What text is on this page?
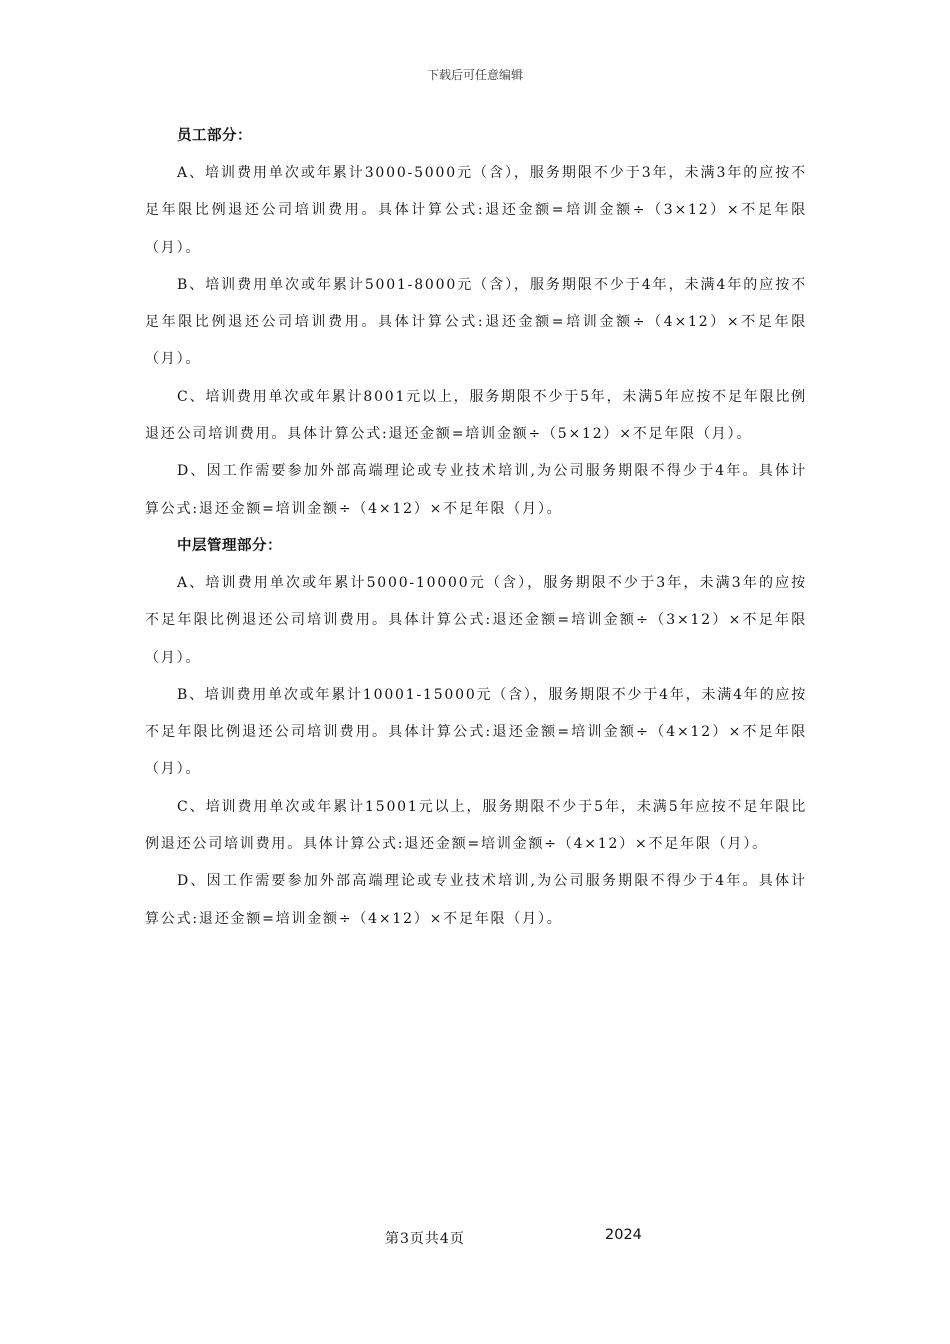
下载后可任意编辑
员工部分：

A、培训费用单次或年累计3000-5000元（含），服务期限不少于3年，未满3年的应按不足年限比例退还公司培训费用。具体计算公式:退还金额=培训金额÷（3×12）×不足年限（月）。

B、培训费用单次或年累计5001-8000元（含），服务期限不少于4年，未满4年的应按不足年限比例退还公司培训费用。具体计算公式:退还金额=培训金额÷（4×12）×不足年限（月）。

C、培训费用单次或年累计8001元以上，服务期限不少于5年，未满5年应按不足年限比例退还公司培训费用。具体计算公式:退还金额=培训金额÷（5×12）×不足年限（月）。

D、因工作需要参加外部高端理论或专业技术培训,为公司服务期限不得少于4年。具体计算公式:退还金额=培训金额÷（4×12）×不足年限（月）。

中层管理部分：

A、培训费用单次或年累计5000-10000元（含），服务期限不少于3年，未满3年的应按不足年限比例退还公司培训费用。具体计算公式:退还金额=培训金额÷（3×12）×不足年限（月）。

B、培训费用单次或年累计10001-15000元（含），服务期限不少于4年，未满4年的应按不足年限比例退还公司培训费用。具体计算公式:退还金额=培训金额÷（4×12）×不足年限（月）。

C、培训费用单次或年累计15001元以上，服务期限不少于5年，未满5年应按不足年限比例退还公司培训费用。具体计算公式:退还金额=培训金额÷（4×12）×不足年限（月）。

D、因工作需要参加外部高端理论或专业技术培训,为公司服务期限不得少于4年。具体计算公式:退还金额=培训金额÷（4×12）×不足年限（月）。

第3页共4页	2024
